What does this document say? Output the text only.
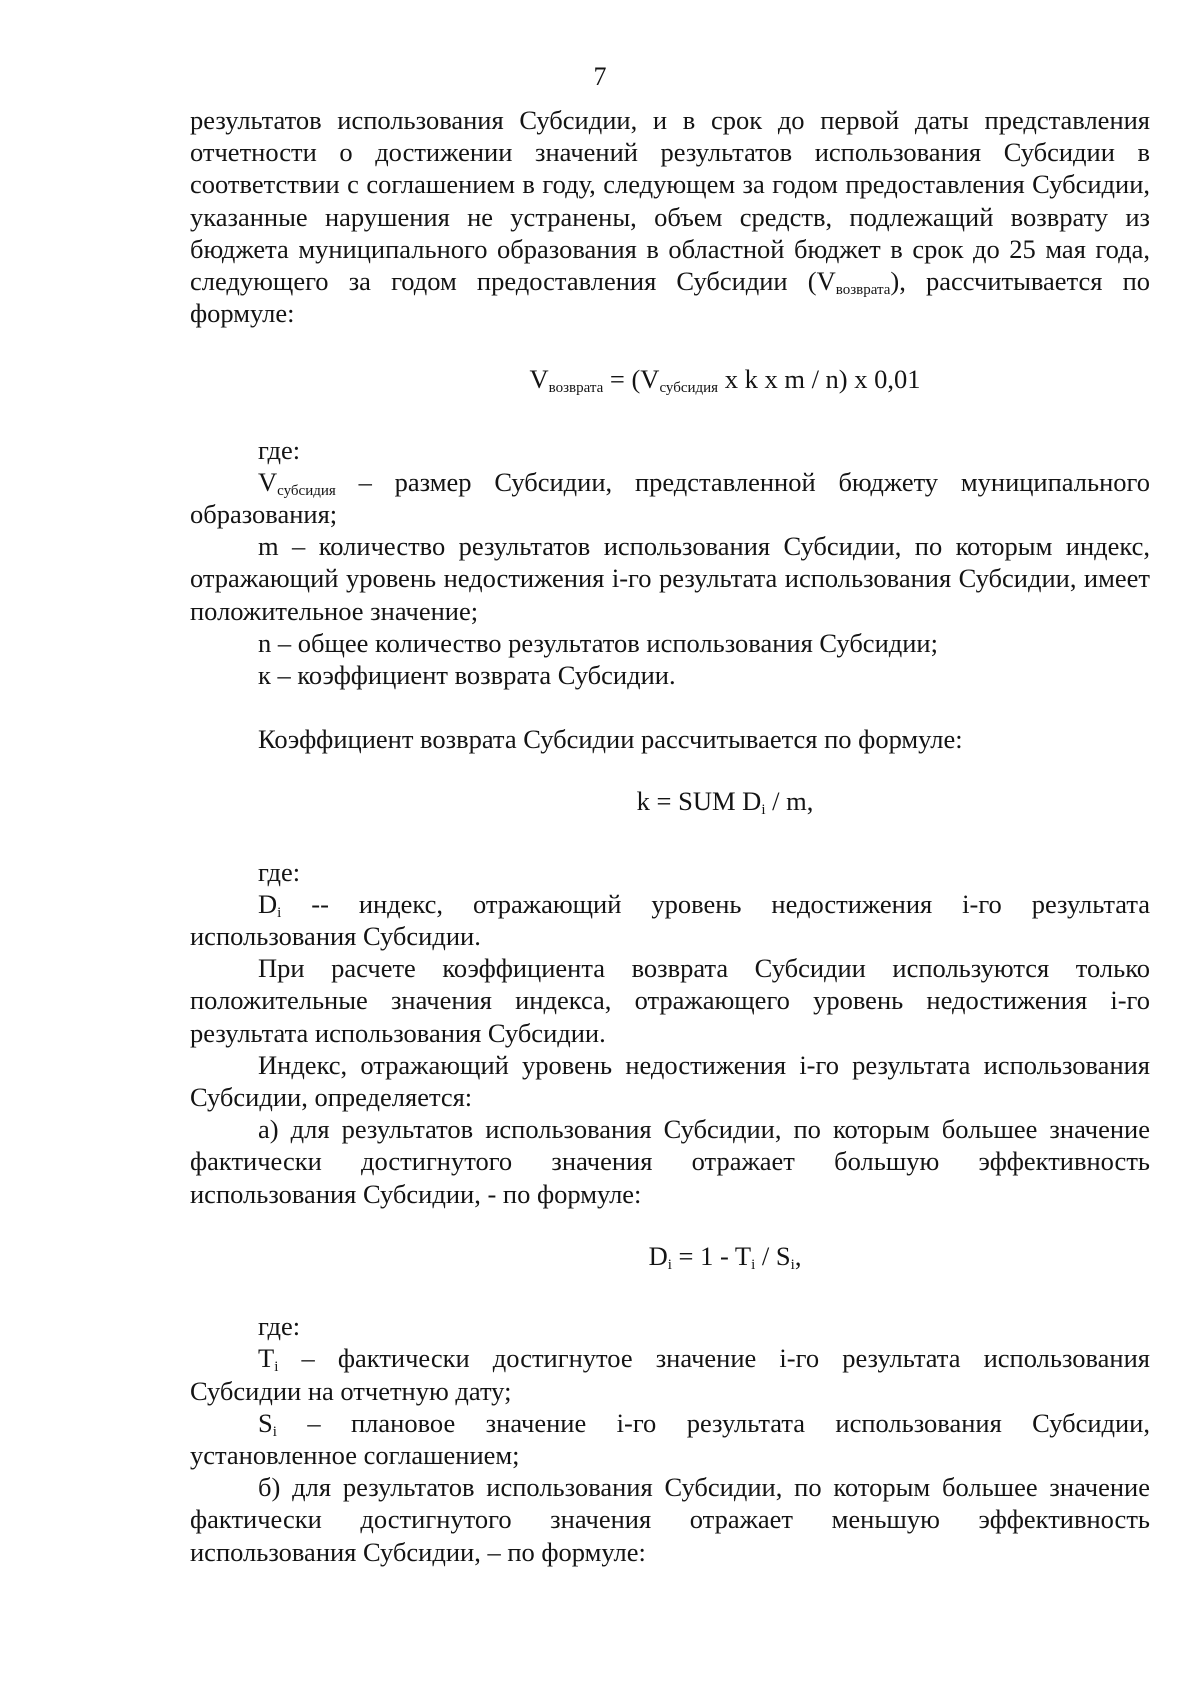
7

результатов использования Субсидии, и в срок до первой даты представления отчетности о достижении значений результатов использования Субсидии в соответствии с соглашением в году, следующем за годом предоставления Субсидии, указанные нарушения не устранены, объем средств, подлежащий возврату из бюджета муниципального образования в областной бюджет в срок до 25 мая года, следующего за годом предоставления Субсидии $(V_{возврата})$, рассчитывается по формуле:

$V_{возврата} = (V_{субсидия}$ x k x m / n) x 0,01

где:

$V_{субсидия}$ – размер Субсидии, представленной бюджету муниципального образования;

m – количество результатов использования Субсидии, по которым индекс, отражающий уровень недостижения i-го результата использования Субсидии, имеет положительное значение;

n – общее количество результатов использования Субсидии;

к – коэффициент возврата Субсидии.

Коэффициент возврата Субсидии рассчитывается по формуле:

k = SUM $D_i$ / m,

где:

$D_i$ -- индекс, отражающий уровень недостижения i-го результата использования Субсидии.

При расчете коэффициента возврата Субсидии используются только положительные значения индекса, отражающего уровень недостижения i-го результата использования Субсидии.

Индекс, отражающий уровень недостижения i-го результата использования Субсидии, определяется:

а) для результатов использования Субсидии, по которым большее значение фактически достигнутого значения отражает большую эффективность использования Субсидии, - по формуле:

$D_i = 1 - T_i / S_i$,

где:

$T_i$ – фактически достигнутое значение i-го результата использования Субсидии на отчетную дату;

$S_i$ – плановое значение i-го результата использования Субсидии, установленное соглашением;

б) для результатов использования Субсидии, по которым большее значение фактически достигнутого значения отражает меньшую эффективность использования Субсидии, – по формуле:
